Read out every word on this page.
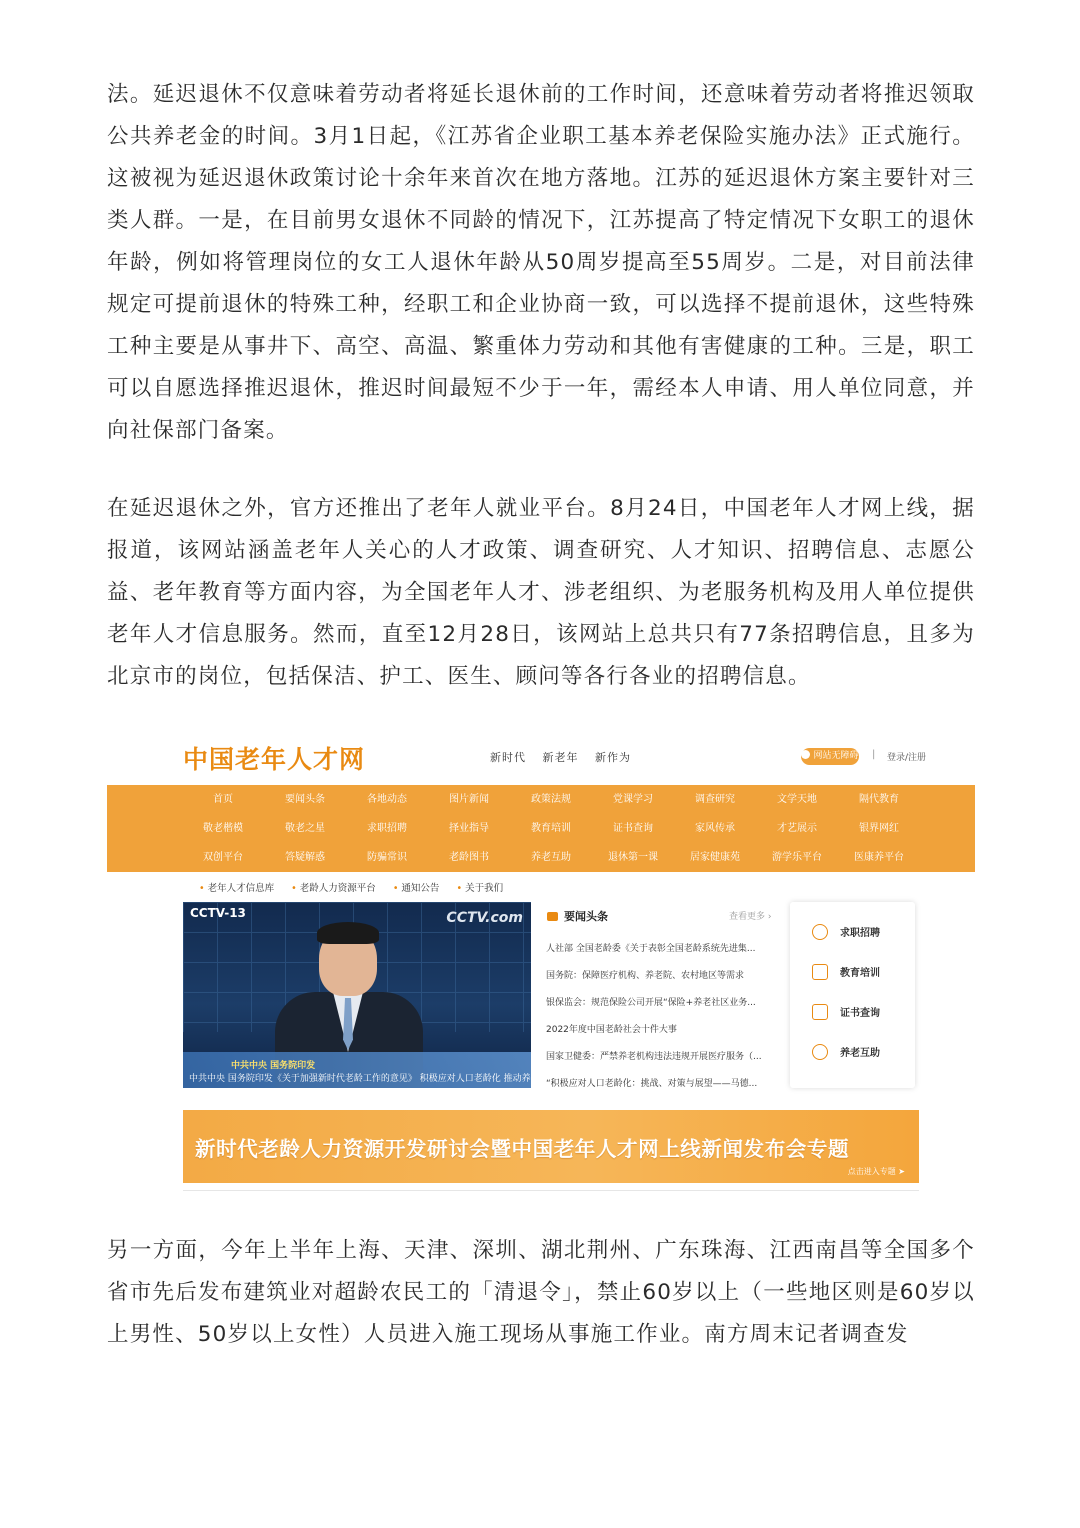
法。延迟退休不仅意味着劳动者将延长退休前的工作时间，还意味着劳动者将推迟领取公共养老金的时间。3月1日起，《江苏省企业职工基本养老保险实施办法》正式施行。这被视为延迟退休政策讨论十余年来首次在地方落地。江苏的延迟退休方案主要针对三类人群。一是，在目前男女退休不同龄的情况下，江苏提高了特定情况下女职工的退休年龄，例如将管理岗位的女工人退休年龄从50周岁提高至55周岁。二是，对目前法律规定可提前退休的特殊工种，经职工和企业协商一致，可以选择不提前退休，这些特殊工种主要是从事井下、高空、高温、繁重体力劳动和其他有害健康的工种。三是，职工可以自愿选择推迟退休，推迟时间最短不少于一年，需经本人申请、用人单位同意，并向社保部门备案。

中国老年人才网	新时代 新老年 新作为	网站无障碍 | 登录/注册
首页	要闻头条	各地动态	图片新闻	政策法规	党课学习	调查研究	文学天地	隔代教育
敬老楷模	敬老之星	求职招聘	择业指导	教育培训	证书查询	家风传承	才艺展示	银界网红
双创平台	答疑解惑	防骗常识	老龄图书	养老互助	退休第一课	居家健康苑	游学乐平台	医康养平台
• 老年人才信息库	• 老龄人力资源平台	• 通知公告	• 关于我们
CCTV-13	CCTV.com
中共中央 国务院印发
中共中央 国务院印发《关于加强新时代老龄工作的意见》 积极应对人口老龄化 推动养老事业和养老产业协同发展
要闻头条	查看更多 ›
人社部 全国老龄委《关于表彰全国老龄系统先进集...
国务院：保障医疗机构、养老院、农村地区等需求
银保监会：规范保险公司开展“保险+养老社区业务...
2022年度中国老龄社会十件大事
国家卫健委：严禁养老机构违法违规开展医疗服务（...
“积极应对人口老龄化：挑战、对策与展望——马德...
求职招聘
教育培训
证书查询
养老互助
新时代老龄人力资源开发研讨会暨中国老年人才网上线新闻发布会专题
点击进入专题 ➤

在延迟退休之外，官方还推出了老年人就业平台。8月24日，中国老年人才网上线，据报道，该网站涵盖老年人关心的人才政策、调查研究、人才知识、招聘信息、志愿公益、老年教育等方面内容，为全国老年人才、涉老组织、为老服务机构及用人单位提供老年人才信息服务。然而，直至12月28日，该网站上总共只有77条招聘信息，且多为北京市的岗位，包括保洁、护工、医生、顾问等各行各业的招聘信息。

另一方面，今年上半年上海、天津、深圳、湖北荆州、广东珠海、江西南昌等全国多个省市先后发布建筑业对超龄农民工的「清退令」，禁止60岁以上（一些地区则是60岁以上男性、50岁以上女性）人员进入施工现场从事施工作业。南方周末记者调查发
